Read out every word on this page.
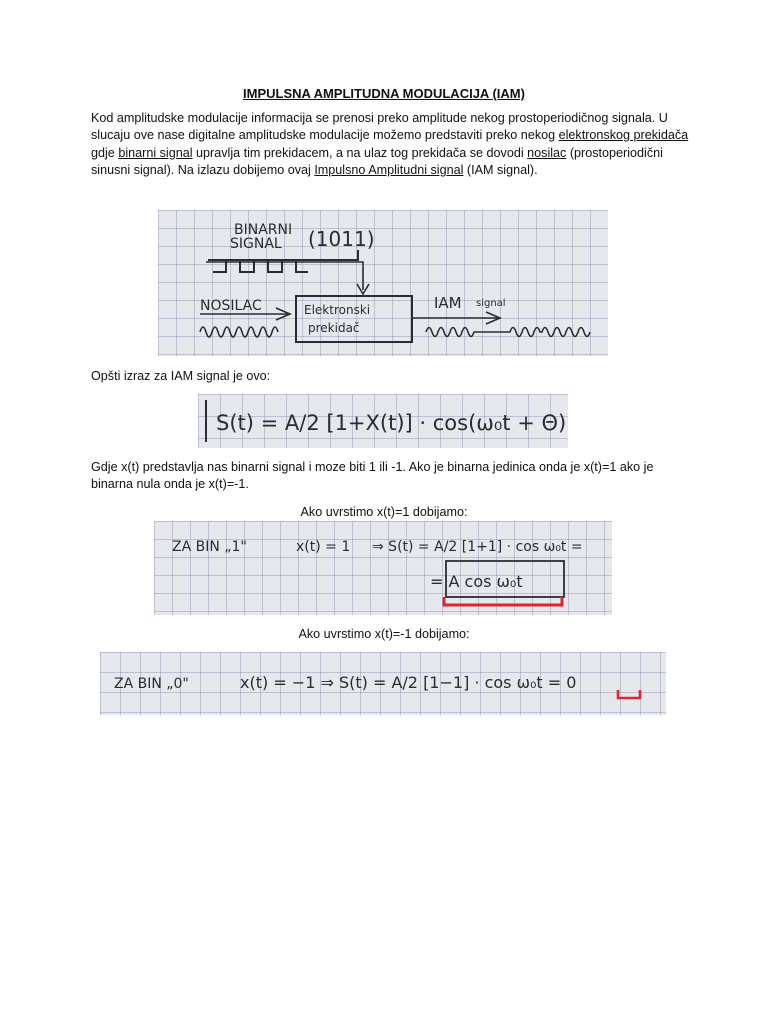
IMPULSNA AMPLITUDNA MODULACIJA (IAM)
Kod amplitudske modulacije informacija se prenosi preko amplitude nekog prostoperiodičnog signala. U slucaju ove nase digitalne amplitudske modulacije možemo predstaviti preko nekog elektronskog prekidača gdje binarni signal upravlja tim prekidacem, a na ulaz tog prekidača se dovodi nosilac (prostoperiodični sinusni signal). Na izlazu dobijemo ovaj Impulsno Amplitudni signal (IAM signal).
BINARNI
SIGNAL (1011)
NOSILAC	Elektronski
prekidač
IAM signal
Opšti izraz za IAM signal je ovo:
S(t) = A/2 [1+X(t)] · cos(ω₀t + Θ)
Gdje x(t) predstavlja nas binarni signal i moze biti 1 ili -1. Ako je binarna jedinica onda je x(t)=1 ako je binarna nula onda je x(t)=-1.
Ako uvrstimo x(t)=1 dobijamo:
ZA BIN „1"	x(t) = 1 ⇒ S(t) = A/2 [1+1] · cos ω₀t =
= A cos ω₀t
Ako uvrstimo x(t)=-1 dobijamo:
ZA BIN „0"	x(t) = −1 ⇒ S(t) = A/2 [1−1] · cos ω₀t = 0
